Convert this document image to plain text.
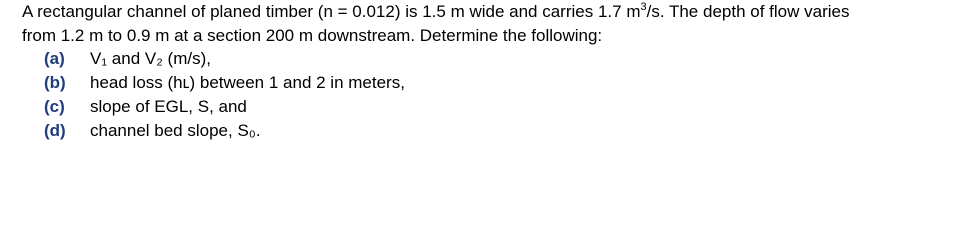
A rectangular channel of planed timber (n = 0.012) is 1.5 m wide and carries 1.7 $m^3/s$. The depth of flow varies
from 1.2 m to 0.9 m at a section 200 m downstream. Determine the following:
(a) V₁ and V₂ (m/s),
(b) head loss (hʟ) between 1 and 2 in meters,
(c) slope of EGL, S, and
(d) channel bed slope, S₀.
